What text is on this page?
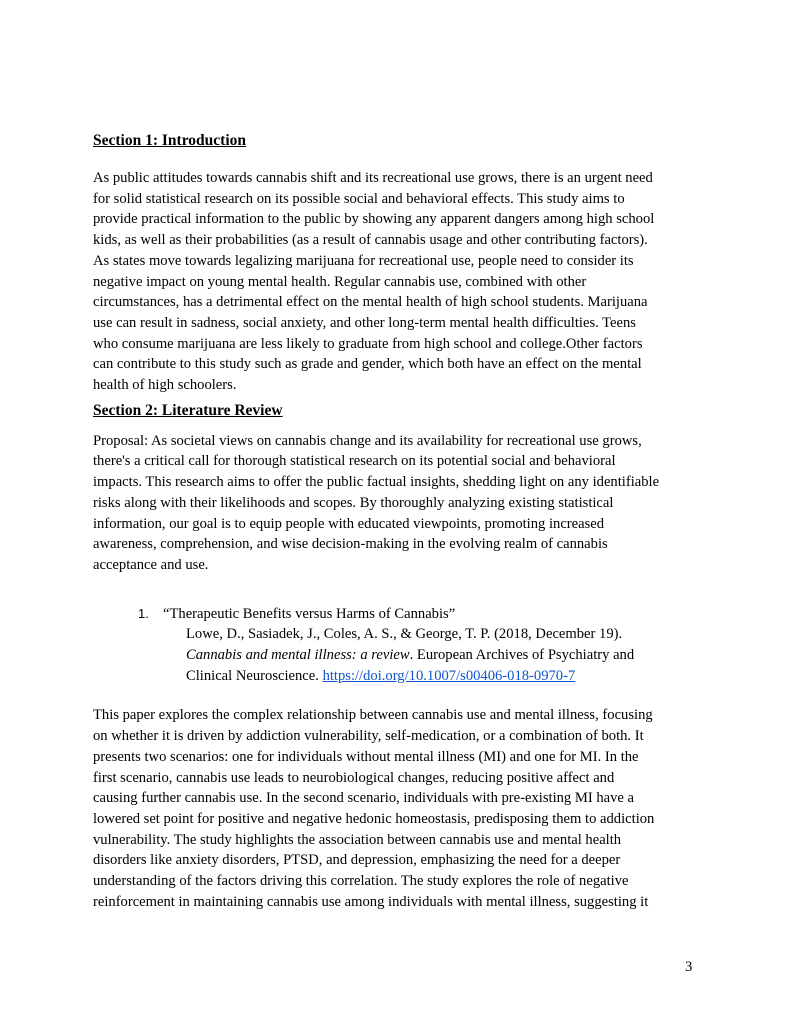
Section 1: Introduction

As public attitudes towards cannabis shift and its recreational use grows, there is an urgent need
for solid statistical research on its possible social and behavioral effects. This study aims to
provide practical information to the public by showing any apparent dangers among high school
kids, as well as their probabilities (as a result of cannabis usage and other contributing factors).
As states move towards legalizing marijuana for recreational use, people need to consider its
negative impact on young mental health. Regular cannabis use, combined with other
circumstances, has a detrimental effect on the mental health of high school students. Marijuana
use can result in sadness, social anxiety, and other long-term mental health difficulties. Teens
who consume marijuana are less likely to graduate from high school and college.Other factors
can contribute to this study such as grade and gender, which both have an effect on the mental
health of high schoolers.

Section 2: Literature Review

Proposal: As societal views on cannabis change and its availability for recreational use grows,
there's a critical call for thorough statistical research on its potential social and behavioral
impacts. This research aims to offer the public factual insights, shedding light on any identifiable
risks along with their likelihoods and scopes. By thoroughly analyzing existing statistical
information, our goal is to equip people with educated viewpoints, promoting increased
awareness, comprehension, and wise decision-making in the evolving realm of cannabis
acceptance and use.

1. “Therapeutic Benefits versus Harms of Cannabis”
Lowe, D., Sasiadek, J., Coles, A. S., & George, T. P. (2018, December 19).
Cannabis and mental illness: a review. European Archives of Psychiatry and
Clinical Neuroscience. https://doi.org/10.1007/s00406-018-0970-7

This paper explores the complex relationship between cannabis use and mental illness, focusing
on whether it is driven by addiction vulnerability, self-medication, or a combination of both. It
presents two scenarios: one for individuals without mental illness (MI) and one for MI. In the
first scenario, cannabis use leads to neurobiological changes, reducing positive affect and
causing further cannabis use. In the second scenario, individuals with pre-existing MI have a
lowered set point for positive and negative hedonic homeostasis, predisposing them to addiction
vulnerability. The study highlights the association between cannabis use and mental health
disorders like anxiety disorders, PTSD, and depression, emphasizing the need for a deeper
understanding of the factors driving this correlation. The study explores the role of negative
reinforcement in maintaining cannabis use among individuals with mental illness, suggesting it

3
